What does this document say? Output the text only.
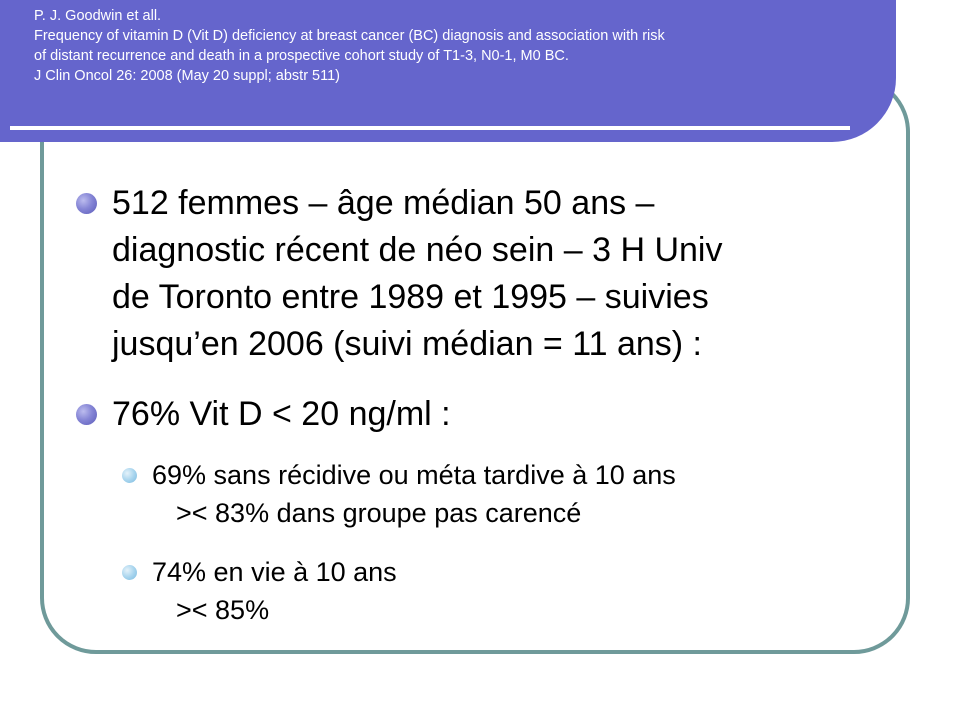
P. J. Goodwin et all.

Frequency of vitamin D (Vit D) deficiency at breast cancer (BC) diagnosis and association with risk

of distant recurrence and death in a prospective cohort study of T1-3, N0-1, M0 BC.

J Clin Oncol 26: 2008 (May 20 suppl; abstr 511)

512 femmes – âge médian 50 ans –
diagnostic récent de néo sein – 3 H Univ
de Toronto entre 1989 et 1995 – suivies
jusqu’en 2006 (suivi médian = 11 ans) :
76% Vit D < 20 ng/ml :
69% sans récidive ou méta tardive à 10 ans
>< 83% dans groupe pas carencé
74% en vie à 10 ans
>< 85%
